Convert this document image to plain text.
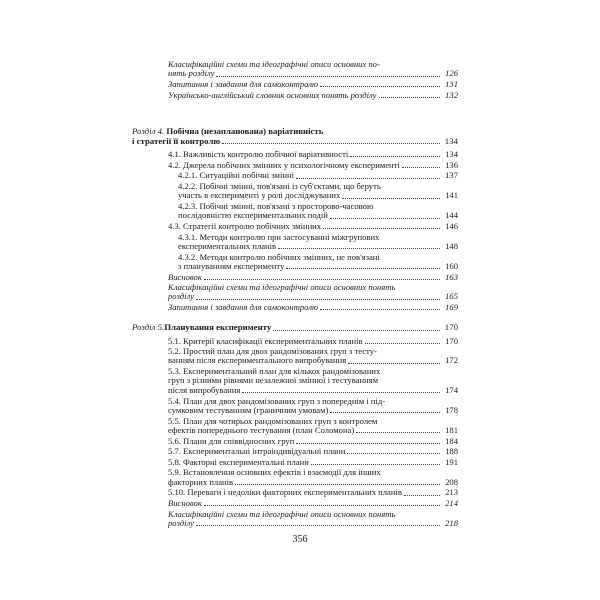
Класифікаційні схеми та ідеографічні описи основних по-
нять розділу	126
Запитання і завдання для самоконтролю	131
Українсько-англійський словник основних понять розділу	132
Розділ 4. Побічна (незапланована) варіативність
і стратегії її контролю	134
4.1. Важливість контролю побічної варіативності	134
4.2. Джерела побічних змінних у психологічному експерименті	136
4.2.1. Ситуаційні побічні змінні	137
4.2.2. Побічні змінні, пов'язані із суб'єктами, що беруть
участь в експерименті у ролі досліджуваних	141
4.2.3. Побічні змінні, пов'язані з просторово-часовою
послідовністю експериментальних подій	144
4.3. Стратегії контролю побічних змінних	146
4.3.1. Методи контролю при застосуванні міжгрупових
експериментальних планів	148
4.3.2. Методи контролю побічних змінних, не пов'язані
з плануванням експерименту	160
Висновок	163
Класифікаційні схеми та ідеографічні описи основних понять
розділу	165
Запитання і завдання для самоконтролю	169
Розділ 5. Планування експерименту	170
5.1. Критерії класифікації експериментальних планів	170
5.2. Простий план для двох рандомізованих груп з тесту-
ванням після експериментального випробування	172
5.3. Експериментальний план для кількох рандомізованих
груп з різними рівнями незалежної змінної і тестуванням
після випробування	174
5.4. План для двох рандомізованих груп з попереднім і під-
сумковим тестуванням (граничним умовам)	178
5.5. План для чотирьох рандомізованих груп з контролем
ефектів попереднього тестування (план Соломона)	181
5.6. Плани для співвідносних груп	184
5.7. Експериментальні інтраіндивідуальні плани	188
5.8. Факторні експериментальні плани	191
5.9. Встановлення основних ефектів і взаємодії для інших
факторних планів	208
5.10. Переваги і недоліки факторних експериментальних планів	213
Висновок	214
Класифікаційні схеми та ідеографічні описи основних понять
розділу	218
356
